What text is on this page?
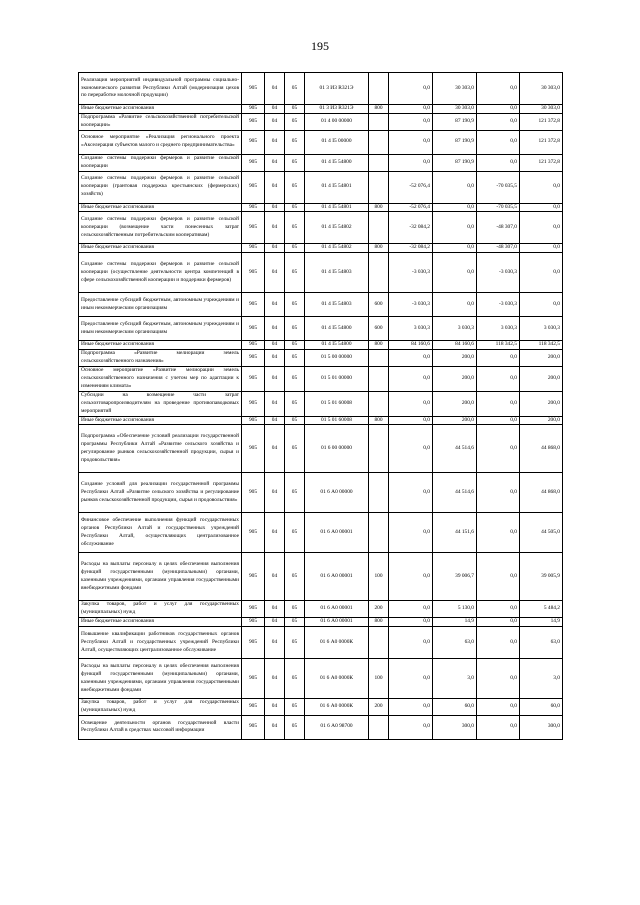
195
Реализация мероприятий индивидуальной программы социально-экономического развития Республики Алтай (модернизация цехов по переработке молочной продукции)	905	04	05	01 3 И3 R321Э		0,0	30 303,0	0,0	30 303,0
Иные бюджетные ассигнования	905	04	05	01 3 И3 R321Э	800	0,0	30 303,0	0,0	30 303,0
Подпрограмма «Развитие сельскохозяйственной потребительской кооперации»	905	04	05	01 4 00 00000		0,0	87 190,9	0,0	121 372,8
Основное мероприятие «Реализация регионального проекта «Акселерация субъектов малого и среднего предпринимательства»	905	04	05	01 4 I5 00000		0,0	87 190,9	0,0	121 372,8
Создание системы поддержки фермеров и развитие сельской кооперации	905	04	05	01 4 I5 54800		0,0	87 190,9	0,0	121 372,8
Создание системы поддержки фермеров и развитие сельской кооперации (грантовая поддержка крестьянских (фермерских) хозяйств)	905	04	05	01 4 I5 54801		-52 076,4	0,0	-70 035,5	0,0
Иные бюджетные ассигнования	905	04	05	01 4 I5 54801	800	-52 076,4	0,0	-70 035,5	0,0
Создание системы поддержки фермеров и развитие сельской кооперации (возмещение части понесенных затрат сельскохозяйственным потребительским кооперативам)	905	04	05	01 4 I5 54802		-32 084,2	0,0	-48 307,0	0,0
Иные бюджетные ассигнования	905	04	05	01 4 I5 54802	800	-32 084,2	0,0	-48 307,0	0,0
Создание системы поддержки фермеров и развитие сельской кооперации (осуществление деятельности центра компетенций в сфере сельскохозяйственной кооперации и поддержки фермеров)	905	04	05	01 4 I5 54803		-3 030,3	0,0	-3 030,3	0,0
Предоставление субсидий бюджетным, автономным учреждениям и иным некоммерческим организациям	905	04	05	01 4 I5 54803	600	-3 030,3	0,0	-3 030,3	0,0
Предоставление субсидий бюджетным, автономным учреждениям и иным некоммерческим организациям	905	04	05	01 4 I5 54800	600	3 030,3	3 030,3	3 030,3	3 030,3
Иные бюджетные ассигнования	905	04	05	01 4 I5 54800	800	84 160,6	84 160,6	118 342,5	118 342,5
Подпрограмма «Развитие мелиорации земель сельскохозяйственного назначения»	905	04	05	01 5 00 00000		0,0	200,0	0,0	200,0
Основное мероприятие «Развитие мелиорации земель сельскохозяйственного назначения с учетом мер по адаптации к изменениям климата»	905	04	05	01 5 01 00000		0,0	200,0	0,0	200,0
Субсидии на возмещение части затрат сельхозтоваропроизводителям на проведение противопаводковых мероприятий	905	04	05	01 5 01 60008		0,0	200,0	0,0	200,0
Иные бюджетные ассигнования	905	04	05	01 5 01 60008	800	0,0	200,0	0,0	200,0
Подпрограмма «Обеспечение условий реализации государственной программы Республики Алтай «Развитие сельского хозяйства и регулирование рынков сельскохозяйственной продукции, сырья и продовольствия»	905	04	05	01 6 00 00000		0,0	44 514,6	0,0	44 868,0
Создание условий для реализации государственной программы Республики Алтай «Развитие сельского хозяйства и регулирование рынков сельскохозяйственной продукции, сырья и продовольствия»	905	04	05	01 6 А0 00000		0,0	44 514,6	0,0	44 868,0
Финансовое обеспечение выполнения функций государственных органов Республики Алтай и государственных учреждений Республики Алтай, осуществляющих централизованное обслуживание	905	04	05	01 6 А0 00001		0,0	44 151,6	0,0	44 505,0
Расходы на выплаты персоналу в целях обеспечения выполнения функций государственными (муниципальными) органами, казенными учреждениями, органами управления государственными внебюджетными фондами	905	04	05	01 6 А0 00001	100	0,0	39 006,7	0,0	39 005,9
Закупка товаров, работ и услуг для государственных (муниципальных) нужд	905	04	05	01 6 А0 00001	200	0,0	5 130,0	0,0	5 484,2
Иные бюджетные ассигнования	905	04	05	01 6 А0 00001	800	0,0	14,9	0,0	14,9
Повышение квалификации работников государственных органов Республики Алтай и государственных учреждений Республики Алтай, осуществляющих централизованное обслуживание	905	04	05	01 6 А0 0000К		0,0	63,0	0,0	63,0
Расходы на выплаты персоналу в целях обеспечения выполнения функций государственными (муниципальными) органами, казенными учреждениями, органами управления государственными внебюджетными фондами	905	04	05	01 6 А0 0000К	100	0,0	3,0	0,0	3,0
Закупка товаров, работ и услуг для государственных (муниципальных) нужд	905	04	05	01 6 А0 0000К	200	0,0	60,0	0,0	60,0
Освещение деятельности органов государственной власти Республики Алтай в средствах массовой информации	905	04	05	01 6 А0 98700		0,0	300,0	0,0	300,0
